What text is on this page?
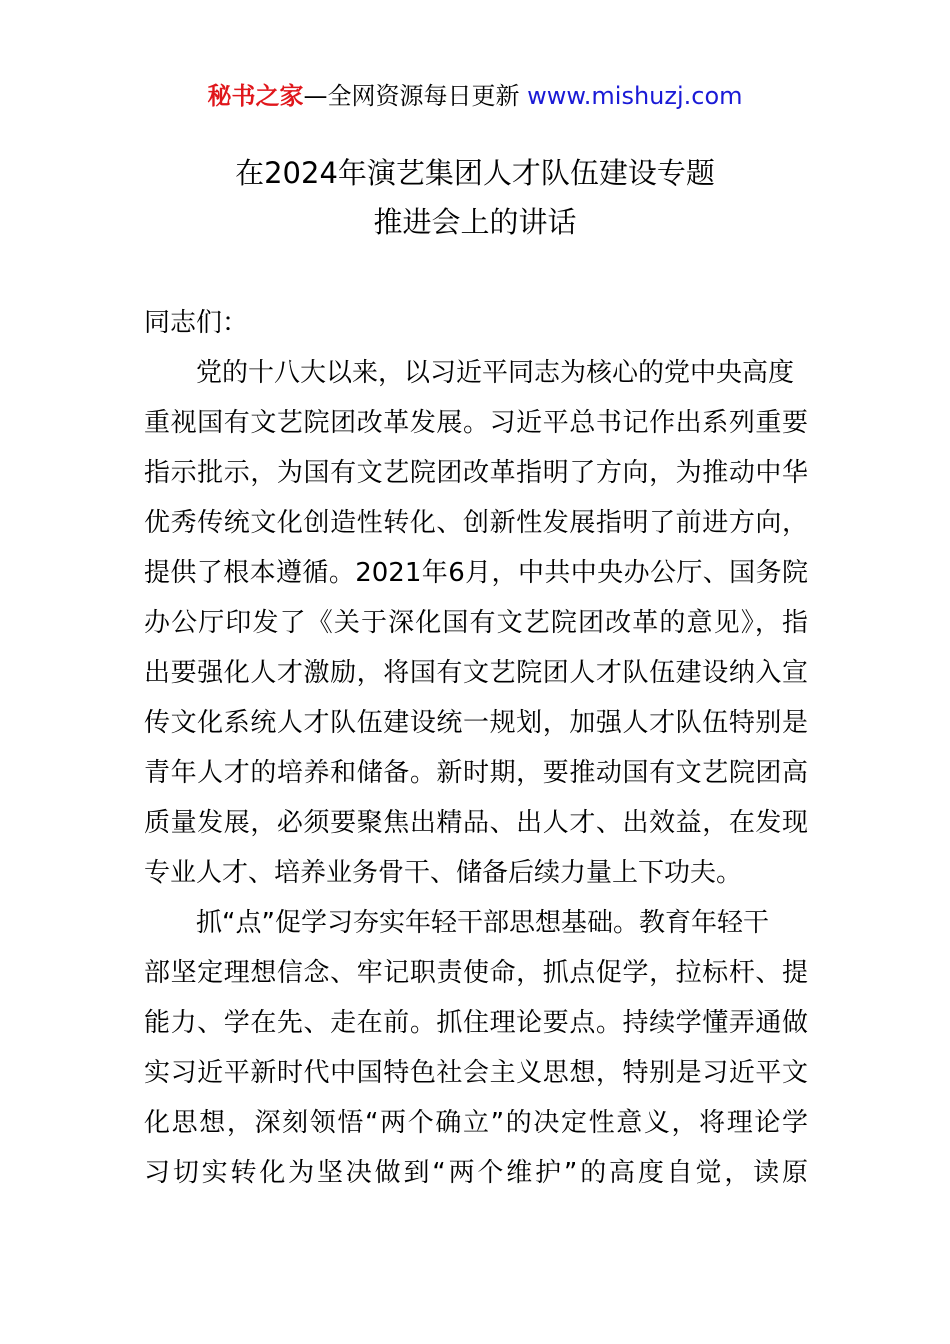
秘书之家—全网资源每日更新 www.mishuzj.com
在2024年演艺集团人才队伍建设专题
推进会上的讲话
同志们：
党的十八大以来，以习近平同志为核心的党中央高度
重视国有文艺院团改革发展。习近平总书记作出系列重要
指示批示，为国有文艺院团改革指明了方向，为推动中华
优秀传统文化创造性转化、创新性发展指明了前进方向，
提供了根本遵循。2021年6月，中共中央办公厅、国务院
办公厅印发了《关于深化国有文艺院团改革的意见》，指
出要强化人才激励，将国有文艺院团人才队伍建设纳入宣
传文化系统人才队伍建设统一规划，加强人才队伍特别是
青年人才的培养和储备。新时期，要推动国有文艺院团高
质量发展，必须要聚焦出精品、出人才、出效益，在发现
专业人才、培养业务骨干、储备后续力量上下功夫。
抓“点”促学习夯实年轻干部思想基础。教育年轻干
部坚定理想信念、牢记职责使命，抓点促学，拉标杆、提
能力、学在先、走在前。抓住理论要点。持续学懂弄通做
实习近平新时代中国特色社会主义思想，特别是习近平文
化思想，深刻领悟“两个确立”的决定性意义，将理论学
习切实转化为坚决做到“两个维护”的高度自觉，读原
